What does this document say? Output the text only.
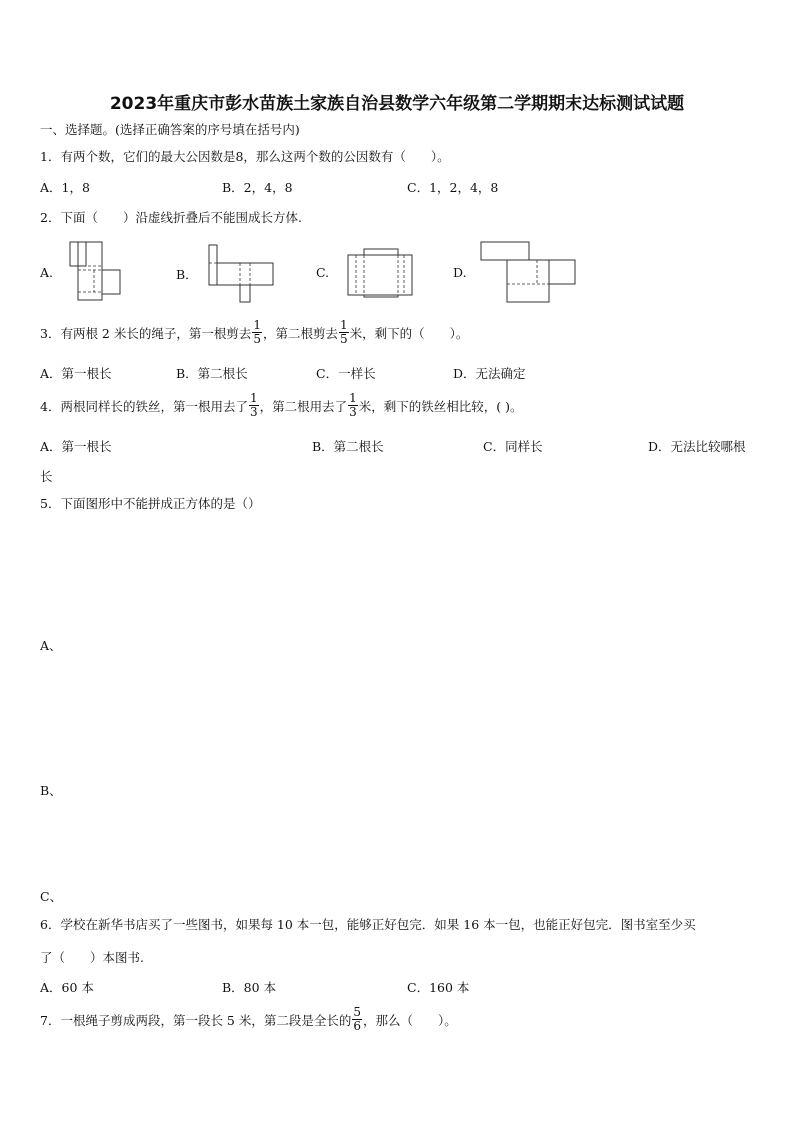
2023年重庆市彭水苗族土家族自治县数学六年级第二学期期末达标测试试题
一、选择题。(选择正确答案的序号填在括号内)
1．有两个数，它们的最大公因数是8，那么这两个数的公因数有（　　）。
A．1，8	B．2，4，8	C．1，2，4，8
2．下面（　　）沿虚线折叠后不能围成长方体.
A.	B．	C.	D.
3．有两根 2 米长的绳子，第一根剪去 $\frac{1}{5}$ ，第二根剪去 $\frac{1}{5}$ 米，剩下的（　　）。
A．第一根长	B．第二根长	C．一样长	D．无法确定
4．两根同样长的铁丝，第一根用去了 $\frac{1}{3}$ ，第二根用去了 $\frac{1}{3}$ 米，剩下的铁丝相比较，( )。
A．第一根长	B．第二根长	C．同样长	D．无法比较哪根
长
5．下面图形中不能拼成正方体的是（）
A、
B、
C、
6．学校在新华书店买了一些图书，如果每 10 本一包，能够正好包完．如果 16 本一包，也能正好包完．图书室至少买
了（　　）本图书.
A．60 本	B．80 本	C．160 本
7．一根绳子剪成两段，第一段长 5 米，第二段是全长的 $\frac{5}{6}$ ，那么（　　）。
